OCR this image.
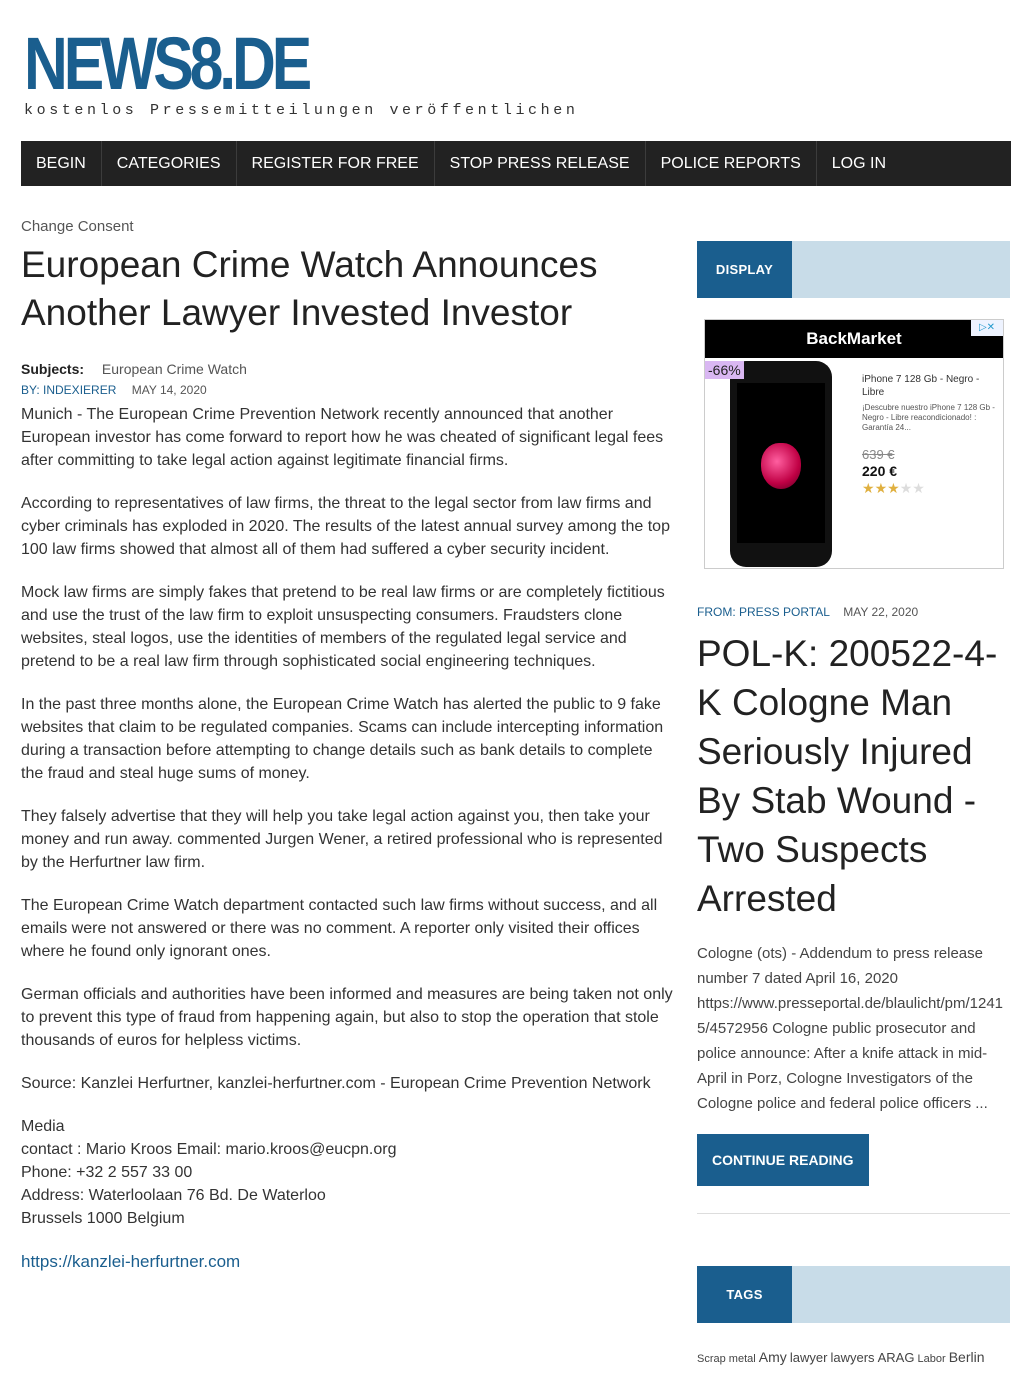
NEWS8.DE
kostenlos Pressemitteilungen veröffentlichen
BEGIN	CATEGORIES	REGISTER FOR FREE	STOP PRESS RELEASE	POLICE REPORTS	LOG IN
Change Consent
European Crime Watch Announces Another Lawyer Invested Investor
Subjects: European Crime Watch
BY: INDEXIERER MAY 14, 2020

Munich - The European Crime Prevention Network recently announced that another European investor has come forward to report how he was cheated of significant legal fees after committing to take legal action against legitimate financial firms.

According to representatives of law firms, the threat to the legal sector from law firms and cyber criminals has exploded in 2020. The results of the latest annual survey among the top 100 law firms showed that almost all of them had suffered a cyber security incident.

Mock law firms are simply fakes that pretend to be real law firms or are completely fictitious and use the trust of the law firm to exploit unsuspecting consumers. Fraudsters clone websites, steal logos, use the identities of members of the regulated legal service and pretend to be a real law firm through sophisticated social engineering techniques.

In the past three months alone, the European Crime Watch has alerted the public to 9 fake websites that claim to be regulated companies. Scams can include intercepting information during a transaction before attempting to change details such as bank details to complete the fraud and steal huge sums of money.

They falsely advertise that they will help you take legal action against you, then take your money and run away. commented Jurgen Wener, a retired professional who is represented by the Herfurtner law firm.

The European Crime Watch department contacted such law firms without success, and all emails were not answered or there was no comment. A reporter only visited their offices where he found only ignorant ones.

German officials and authorities have been informed and measures are being taken not only to prevent this type of fraud from happening again, but also to stop the operation that stole thousands of euros for helpless victims.

Source: Kanzlei Herfurtner, kanzlei-herfurtner.com - European Crime Prevention Network

Media
contact : Mario Kroos Email: mario.kroos@eucpn.org
Phone: +32 2 557 33 00
Address: Waterloolaan 76 Bd. De Waterloo
Brussels 1000 Belgium

https://kanzlei-herfurtner.com

DISPLAY
BackMarket
▷✕
-66%
iPhone 7 128 Gb - Negro - Libre
¡Descubre nuestro iPhone 7 128 Gb - Negro - Libre reacondicionado! : Garantía 24...
639 €
220 €
★★★★★
FROM: PRESS PORTAL MAY 22, 2020
POL-K: 200522-4-K Cologne Man Seriously Injured By Stab Wound - Two Suspects Arrested
Cologne (ots) - Addendum to press release number 7 dated April 16, 2020 https://www.presseportal.de/blaulicht/pm/12415/4572956 Cologne public prosecutor and police announce: After a knife attack in mid-April in Porz, Cologne Investigators of the Cologne police and federal police officers ...
CONTINUE READING
TAGS
Scrap metal Amy lawyer lawyers ARAG Labor Berlin
